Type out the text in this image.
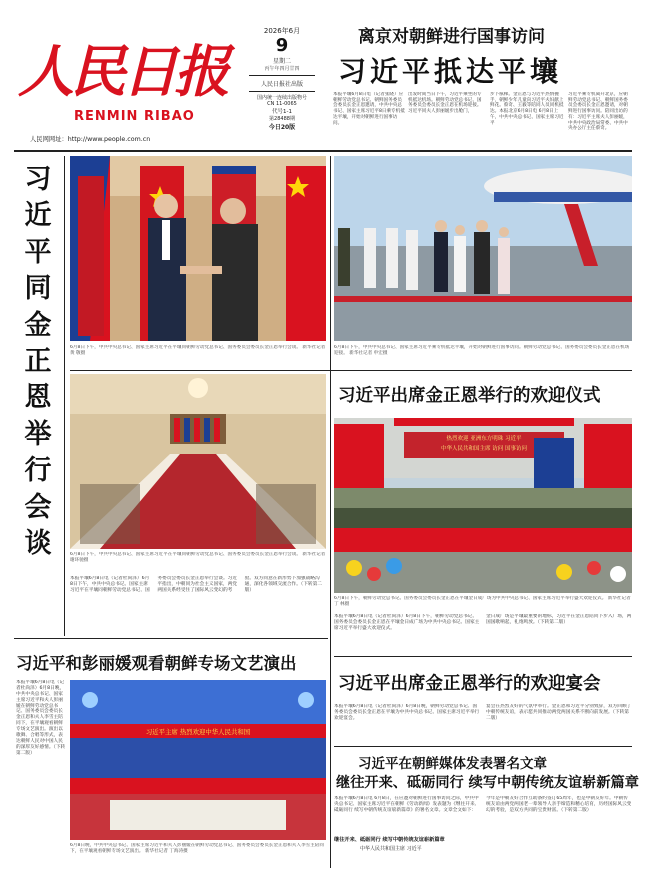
人民日报
RENMIN RIBAO
人民网网址：http://www.people.com.cn
2026年6月
9
星期二
丙午年四月廿四
人民日报社出版
国内统一连续出版物号
CN 11-0065
代号1-1
第28488期
今日20版
离京对朝鲜进行国事访问
习近平抵达平壤
本报平壤6月8日电（记者张晓）应朝鲜劳动党总书记、朝鲜国务委员会委员长金正恩邀请，中共中央总书记、国家主席习近平8日乘专机抵达平壤，开始对朝鲜进行国事访问。
出发时间当日下午，习近平乘坐的专机抵达机场。朝鲜劳动党总书记、国务委员会委员长金正恩在机场迎接。习近平同夫人彭丽媛步出舱门，
步下舷梯。金正恩与习近平热情握手，朝鲜少年儿童向习近平夫妇献上鲜花。蔡奇、王毅等陪同人员同机抵达。本报北京6月8日电 6月8日上午，中共中央总书记、国家主席习近平
习近平乘专机离开北京，应朝鲜劳动党总书记、朝鲜国务委员会委员长金正恩邀请，对朝鲜进行国事访问。陪同出访的有：习近平主席夫人彭丽媛，中共中央政治局常委、中共中央办公厅主任蔡奇。
习近平同金正恩举行会谈
6月8日下午，中共中央总书记、国家主席习近平在平壤同朝鲜劳动党总书记、国务委员会委员长金正恩举行会谈。 新华社记者 黄 敬摄
6月8日下午，中共中央总书记、国家主席习近平乘专机抵达平壤，开始对朝鲜进行国事访问。朝鲜劳动党总书记、国务委员会委员长金正恩在机场迎接。 新华社记者 申宏摄
6月8日下午，中共中央总书记、国家主席习近平在平壤同朝鲜劳动党总书记、国务委员会委员长金正恩举行会谈。 新华社记者 谢环驰摄
本报平壤6月8日电（记者杜尚泽）6月8日下午，中共中央总书记、国家主席习近平在平壤同朝鲜劳动党总书记、国务委员会委员长金正恩举行会谈。习近平指出，中朝同为社会主义国家，两党两国关系经受住了国际风云变幻的考验。双方同意在新形势下加强战略沟通，深化各领域交流合作。（下转第二版）
习近平出席金正恩举行的欢迎仪式
热烈欢迎 亚洲东方明珠 习近平
中华人民共和国主席 访问 国事访问
6月8日下午，朝鲜劳动党总书记、国务委员会委员长金正恩在平壤金日成广场为中共中央总书记、国家主席习近平举行盛大欢迎仪式。 新华社记者 丁 林摄
本报平壤6月8日电（记者杜尚泽）6月8日下午，朝鲜劳动党总书记、国务委员会委员长金正恩在平壤金日成广场为中共中央总书记、国家主席习近平举行盛大欢迎仪式。
金日成广场是平壤最重要的地标，习近平在金正恩陪同下步入广场，两国国歌响起，礼炮鸣放。（下转第二版）
习近平和彭丽媛观看朝鲜专场文艺演出
本报平壤6月8日电（记者杜尚泽）6月8日晚，中共中央总书记、国家主席习近平和夫人彭丽媛在朝鲜劳动党总书记、国务委员会委员长金正恩和夫人李雪主陪同下，在平壤观看朝鲜专场文艺演出。演出以歌舞、合唱等形式，表达朝鲜人民对中国人民的深厚友好感情。（下转第二版）
习近平主席 热烈欢迎中华人民共和国
6月8日晚，中共中央总书记、国家主席习近平和夫人彭丽媛在朝鲜劳动党总书记、国务委员会委员长金正恩和夫人李雪主陪同下，在平壤观看朝鲜专场文艺演出。 新华社记者 丁海涛摄
习近平出席金正恩举行的欢迎宴会
本报平壤6月8日电（记者杜尚泽）6月8日晚，朝鲜劳动党总书记、国务委员会委员长金正恩在平壤为中共中央总书记、国家主席习近平举行欢迎宴会。
宴会在热烈友好的气氛中举行。金正恩和习近平分别致辞，双方回顾了中朝传统友谊，表示愿共同推动两党两国关系不断向前发展。（下转第二版）
习近平在朝鲜媒体发表署名文章
继往开来、砥砺同行 续写中朝传统友谊崭新篇章
本报平壤6月8日电 6月8日，在应邀对朝鲜进行国事访问之际，中共中央总书记、国家主席习近平在朝鲜《劳动新闻》发表题为《继往开来、砥砺同行 续写中朝传统友谊崭新篇章》的署名文章。文章全文如下：
继往开来、砥砺同行 续写中朝传统友谊崭新篇章
中华人民共和国主席 习近平
今年是中朝友好合作互助条约签订65周年，也是中朝友好年。中朝传统友谊由两党两国老一辈领导人亲手缔造和精心培育，历经国际风云变幻的考验，是双方共同的宝贵财富。（下转第二版）
